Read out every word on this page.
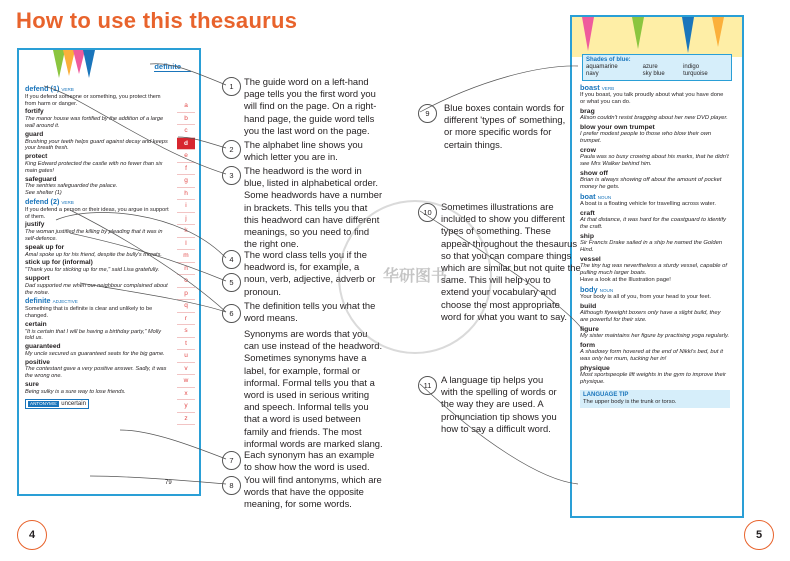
How to use this thesaurus
definite
a
b
c
d
e
f
g
h
i
j
k
l
m
n
o
p
q
r
s
t
u
v
w
x
y
z
defend (1) VERB
If you defend someone or something, you protect them from harm or danger.
fortify
The manor house was fortified by the addition of a large wall around it.
guard
Brushing your teeth helps guard against decay and keeps your breath fresh.
protect
King Edward protected the castle with no fewer than six main gates!
safeguard
The sentries safeguarded the palace.
See shelter (1)
defend (2) VERB
If you defend a person or their ideas, you argue in support of them.
justify
The woman justified the killing by pleading that it was in self-defence.
speak up for
Amal spoke up for his friend, despite the bully's threats.
stick up for (informal)
"Thank you for sticking up for me," said Lisa gratefully.
support
Dad supported me when our neighbour complained about the noise.
definite ADJECTIVE
Something that is definite is clear and unlikely to be changed.
certain
"It is certain that I will be having a birthday party," Molly told us.
guaranteed
My uncle secured us guaranteed seats for the big game.
positive
The contestant gave a very positive answer. Sadly, it was the wrong one.
sure
Being sulky is a sure way to lose friends.
ANTONYMS: uncertain
79
Shades of blue:
aquamarine	azure	indigo
navy	sky blue	turquoise
boast VERB
If you boast, you talk proudly about what you have done or what you can do.
brag
Alison couldn't resist bragging about her new DVD player.
blow your own trumpet
I prefer modest people to those who blow their own trumpet.
crow
Paula was so busy crowing about his marks, that he didn't see Mrs Walker behind him.
show off
Brian is always showing off about the amount of pocket money he gets.
boat NOUN
A boat is a floating vehicle for travelling across water.
craft
At that distance, it was hard for the coastguard to identify the craft.
ship
Sir Francis Drake sailed in a ship he named the Golden Hind.
vessel
The tiny tug was nevertheless a sturdy vessel, capable of pulling much larger boats.
Have a look at the Illustration page!
body NOUN
Your body is all of you, from your head to your feet.
build
Although flyweight boxers only have a slight build, they are powerful for their size.
figure
My sister maintains her figure by practising yoga regularly.
form
A shadowy form hovered at the end of Nikki's bed, but it was only her mum, tucking her in!
physique
Most sportspeople lift weights in the gym to improve their physique.
LANGUAGE TIP
The upper body is the trunk or torso.
1	The guide word on a left-hand page tells you the first word you will find on the page. On a right-hand page, the guide word tells you the last word on the page.
2	The alphabet line shows you which letter you are in.
3	The headword is the word in blue, listed in alphabetical order. Some headwords have a number in brackets. This tells you that this headword can have different meanings, so you need to find the right one.
4	The word class tells you if the headword is, for example, a noun, verb, adjective, adverb or pronoun.
5
The definition tells you what the word means.
6
Synonyms are words that you can use instead of the headword. Sometimes synonyms have a label, for example, formal or informal. Formal tells you that a word is used in serious writing and speech. Informal tells you that a word is used between family and friends. The most informal words are marked slang.
7
Each synonym has an example to show how the word is used.
8
You will find antonyms, which are words that have the opposite meaning, for some words.
9
Blue boxes contain words for different 'types of' something, or more specific words for certain things.
10
Sometimes illustrations are included to show you different types of something. These appear throughout the thesaurus so that you can compare things which are similar but not quite the same. This will help you to extend your vocabulary and choose the most appropriate word for what you want to say.
11
A language tip helps you with the spelling of words or the way they are used. A pronunciation tip shows you how to say a difficult word.
华研图书
4	5
